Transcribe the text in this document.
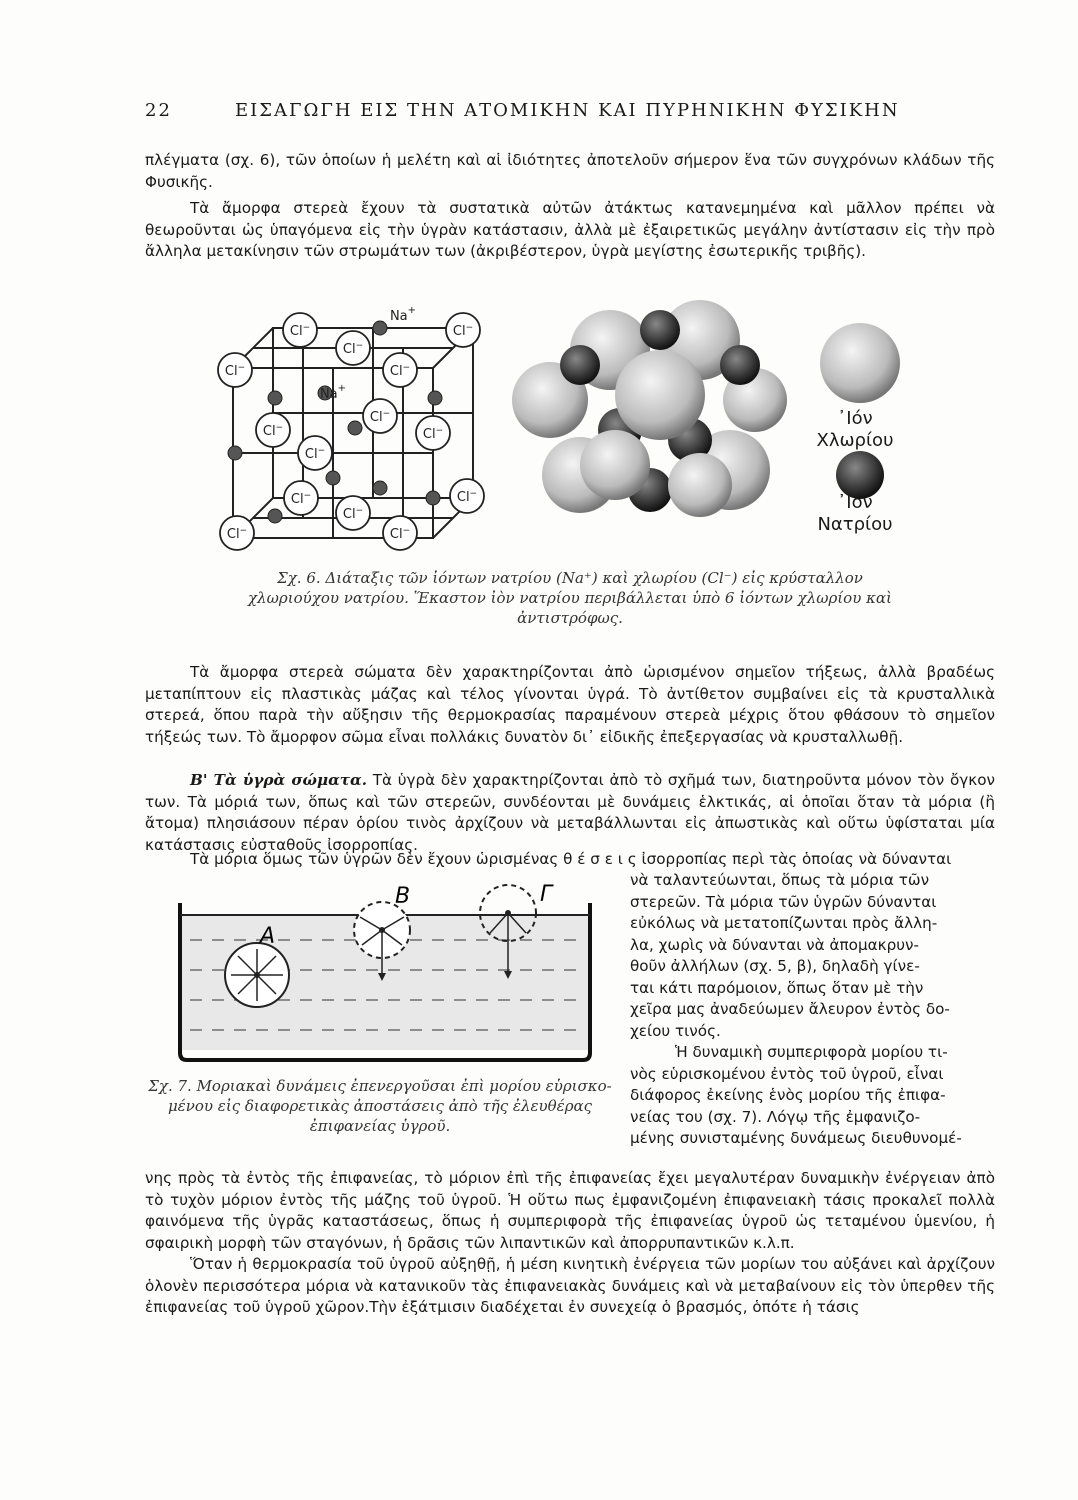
22	ΕΙΣΑΓΩΓΗ ΕΙΣ ΤΗΝ ΑΤΟΜΙΚΗΝ ΚΑΙ ΠΥΡΗΝΙΚΗΝ ΦΥΣΙΚΗΝ
πλέγματα (σχ. 6), τῶν ὁποίων ἡ μελέτη καὶ αἱ ἰδιότητες ἀποτελοῦν σήμερον ἕνα τῶν συγχρόνων κλάδων τῆς Φυσικῆς.
Τὰ ἄμορφα στερεὰ ἔχουν τὰ συστατικὰ αὐτῶν ἀτάκτως κατανεμημένα καὶ μᾶλλον πρέπει νὰ θεωροῦνται ὡς ὑπαγόμενα εἰς τὴν ὑγρὰν κατάστασιν, ἀλλὰ μὲ ἐξαιρετικῶς μεγάλην ἀντίστασιν εἰς τὴν πρὸ ἄλληλα μετακίνησιν τῶν στρωμάτων των (ἀκριβέστερον, ὑγρὰ μεγίστης ἐσωτερικῆς τριβῆς).
Cl−	Cl−
Cl−
Cl−	Cl−
Cl−
Cl−	Cl−
Cl−
Cl−	Cl−
Cl−
Cl−	Cl−
Na+
Na+
᾿Ιόν
Χλωρίου
᾿Ιόν
Νατρίου
Σχ. 6. Διάταξις τῶν ἰόντων νατρίου (Na⁺) καὶ χλωρίου (Cl⁻) εἰς κρύσταλλον
χλωριούχου νατρίου. Ἕκαστον ἰὸν νατρίου περιβάλλεται ὑπὸ 6 ἰόντων χλωρίου καὶ
ἀντιστρόφως.
Τὰ ἄμορφα στερεὰ σώματα δὲν χαρακτηρίζονται ἀπὸ ὡρισμένον σημεῖον τήξεως, ἀλλὰ βραδέως μεταπίπτουν εἰς πλαστικὰς μάζας καὶ τέλος γίνονται ὑγρά. Τὸ ἀντίθετον συμβαίνει εἰς τὰ κρυσταλλικὰ στερεά, ὅπου παρὰ τὴν αὔξησιν τῆς θερμοκρασίας παραμένουν στερεὰ μέχρις ὅτου φθάσουν τὸ σημεῖον τήξεώς των. Τὸ ἄμορφον σῶμα εἶναι πολλάκις δυνατὸν δι᾽ εἰδικῆς ἐπεξεργασίας νὰ κρυσταλλωθῇ.
Β' Τὰ ὑγρὰ σώματα. Τὰ ὑγρὰ δὲν χαρακτηρίζονται ἀπὸ τὸ σχῆμά των, διατηροῦντα μόνον τὸν ὄγκον των. Τὰ μόριά των, ὅπως καὶ τῶν στερεῶν, συνδέονται μὲ δυνάμεις ἑλκτικάς, αἱ ὁποῖαι ὅταν τὰ μόρια (ἢ ἄτομα) πλησιάσουν πέραν ὁρίου τινὸς ἀρχίζουν νὰ μεταβάλλωνται εἰς ἀπωστικὰς καὶ οὕτω ὑφίσταται μία κατάστασις εὐσταθοῦς ἰσορροπίας.
Τὰ μόρια ὅμως τῶν ὑγρῶν δὲν ἔχουν ὡρισμένας θ έ σ ε ι ς ἰσορροπίας περὶ τὰς ὁποίας νὰ δύνανται
νὰ ταλαντεύωνται, ὅπως τὰ μόρια τῶν
στερεῶν. Τὰ μόρια τῶν ὑγρῶν δύνανται
εὐκόλως νὰ μετατοπίζωνται πρὸς ἄλλη-
λα, χωρὶς νὰ δύνανται νὰ ἀπομακρυν-
θοῦν ἀλλήλων (σχ. 5, β), δηλαδὴ γίνε-
ται κάτι παρόμοιον, ὅπως ὅταν μὲ τὴν
χεῖρα μας ἀναδεύωμεν ἄλευρον ἐντὸς δο-
χείου τινός.
Ἡ δυναμικὴ συμπεριφορὰ μορίου τι-
νὸς εὑρισκομένου ἐντὸς τοῦ ὑγροῦ, εἶναι
διάφορος ἐκείνης ἑνὸς μορίου τῆς ἐπιφα-
νείας του (σχ. 7). Λόγῳ τῆς ἐμφανιζο-
μένης συνισταμένης δυνάμεως διευθυνομέ-
Α
Β	Γ
Σχ. 7. Μοριακαὶ δυνάμεις ἐπενεργοῦσαι ἐπὶ μορίου εὑρισκο-
μένου εἰς διαφορετικὰς ἀποστάσεις ἀπὸ τῆς ἐλευθέρας
ἐπιφανείας ὑγροῦ.
νης πρὸς τὰ ἐντὸς τῆς ἐπιφανείας, τὸ μόριον ἐπὶ τῆς ἐπιφανείας ἔχει μεγαλυτέραν δυναμικὴν ἐνέργειαν ἀπὸ τὸ τυχὸν μόριον ἐντὸς τῆς μάζης τοῦ ὑγροῦ. Ἡ οὕτω πως ἐμφανιζομένη ἐπιφανειακὴ τάσις προκαλεῖ πολλὰ φαινόμενα τῆς ὑγρᾶς καταστάσεως, ὅπως ἡ συμπεριφορὰ τῆς ἐπιφανείας ὑγροῦ ὡς τεταμένου ὑμενίου, ἡ σφαιρικὴ μορφὴ τῶν σταγόνων, ἡ δρᾶσις τῶν λιπαντικῶν καὶ ἀπορρυπαντικῶν κ.λ.π.
Ὅταν ἡ θερμοκρασία τοῦ ὑγροῦ αὐξηθῇ, ἡ μέση κινητικὴ ἐνέργεια τῶν μορίων του αὐξάνει καὶ ἀρχίζουν ὁλονὲν περισσότερα μόρια νὰ κατανικοῦν τὰς ἐπιφανειακὰς δυνάμεις καὶ νὰ μεταβαίνουν εἰς τὸν ὑπερθεν τῆς ἐπιφανείας τοῦ ὑγροῦ χῶρον.Τὴν ἐξάτμισιν διαδέχεται ἐν συνεχείᾳ ὁ βρασμός, ὁπότε ἡ τάσις
